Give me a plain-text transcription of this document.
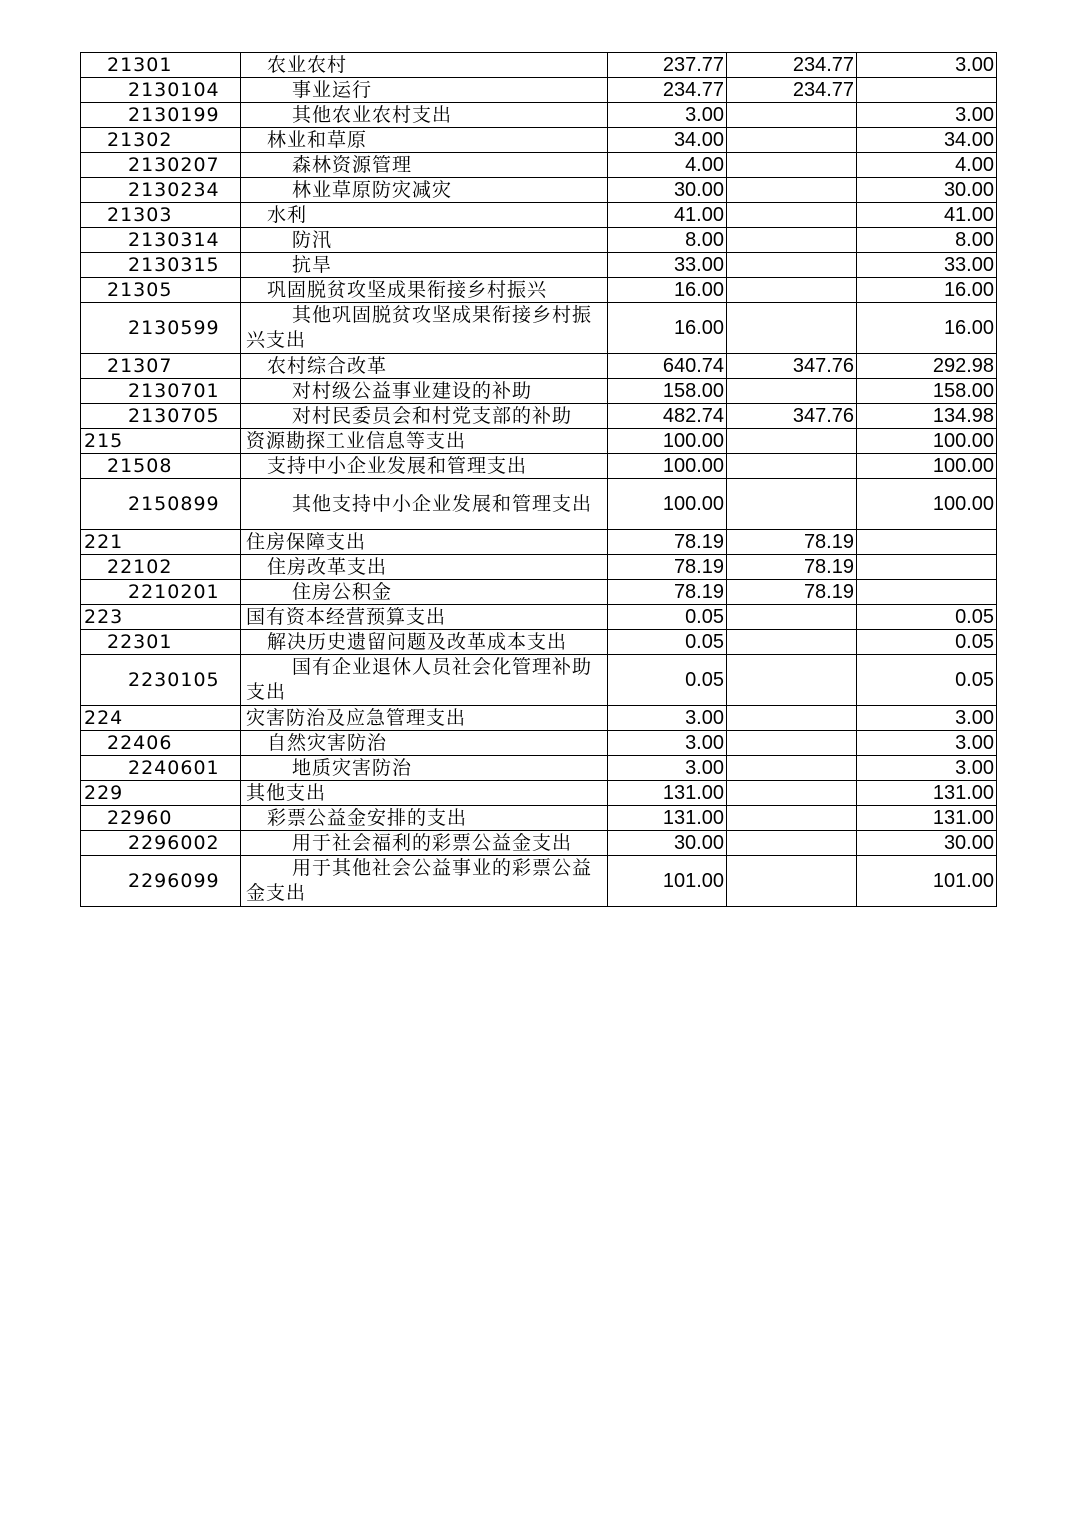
21301	农业农村	237.77	234.77	3.00
2130104	事业运行	234.77	234.77	
2130199	其他农业农村支出	3.00		3.00
21302	林业和草原	34.00		34.00
2130207	森林资源管理	4.00		4.00
2130234	林业草原防灾减灾	30.00		30.00
21303	水利	41.00		41.00
2130314	防汛	8.00		8.00
2130315	抗旱	33.00		33.00
21305	巩固脱贫攻坚成果衔接乡村振兴	16.00		16.00
2130599	其他巩固脱贫攻坚成果衔接乡村振兴支出	16.00		16.00
21307	农村综合改革	640.74	347.76	292.98
2130701	对村级公益事业建设的补助	158.00		158.00
2130705	对村民委员会和村党支部的补助	482.74	347.76	134.98
215	资源勘探工业信息等支出	100.00		100.00
21508	支持中小企业发展和管理支出	100.00		100.00
2150899	其他支持中小企业发展和管理支出	100.00		100.00
221	住房保障支出	78.19	78.19	
22102	住房改革支出	78.19	78.19	
2210201	住房公积金	78.19	78.19	
223	国有资本经营预算支出	0.05		0.05
22301	解决历史遗留问题及改革成本支出	0.05		0.05
2230105	国有企业退休人员社会化管理补助支出	0.05		0.05
224	灾害防治及应急管理支出	3.00		3.00
22406	自然灾害防治	3.00		3.00
2240601	地质灾害防治	3.00		3.00
229	其他支出	131.00		131.00
22960	彩票公益金安排的支出	131.00		131.00
2296002	用于社会福利的彩票公益金支出	30.00		30.00
2296099	用于其他社会公益事业的彩票公益金支出	101.00		101.00
